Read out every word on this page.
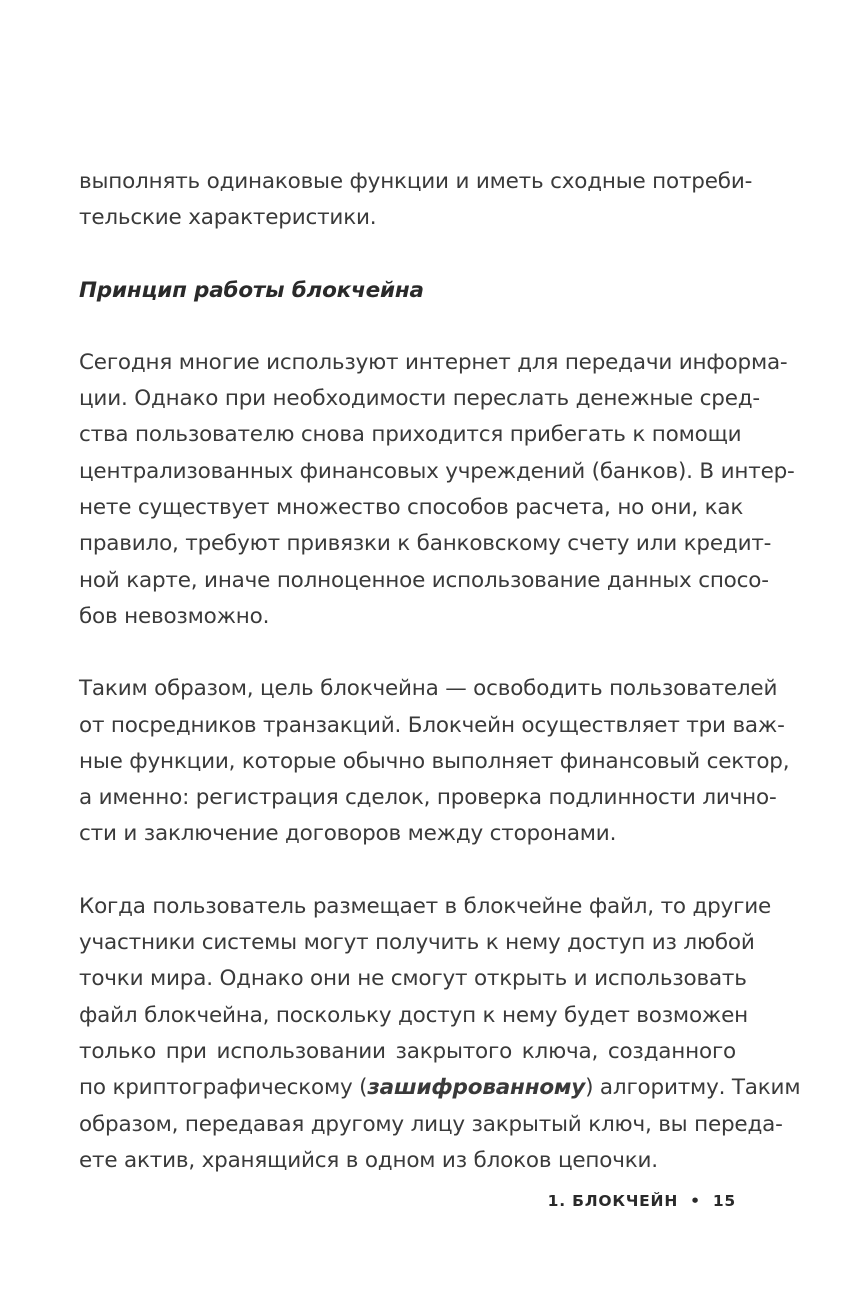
выполнять одинаковые функции и иметь сходные потреби-
тельские характеристики.

Принцип работы блокчейна

Сегодня многие используют интернет для передачи информа-
ции. Однако при необходимости переслать денежные сред-
ства пользователю снова приходится прибегать к помощи
централизованных финансовых учреждений (банков). В интер-
нете существует множество способов расчета, но они, как
правило, требуют привязки к банковскому счету или кредит-
ной карте, иначе полноценное использование данных спосо-
бов невозможно.

Таким образом, цель блокчейна — освободить пользователей
от посредников транзакций. Блокчейн осуществляет три важ-
ные функции, которые обычно выполняет финансовый сектор,
а именно: регистрация сделок, проверка подлинности лично-
сти и заключение договоров между сторонами.

Когда пользователь размещает в блокчейне файл, то другие
участники системы могут получить к нему доступ из любой
точки мира. Однако они не смогут открыть и использовать
файл блокчейна, поскольку доступ к нему будет возможен
только при использовании закрытого ключа, созданного
по криптографическому (зашифрованному) алгоритму. Таким
образом, передавая другому лицу закрытый ключ, вы переда-
ете актив, хранящийся в одном из блоков цепочки.

1. БЛОКЧЕЙН • 15
